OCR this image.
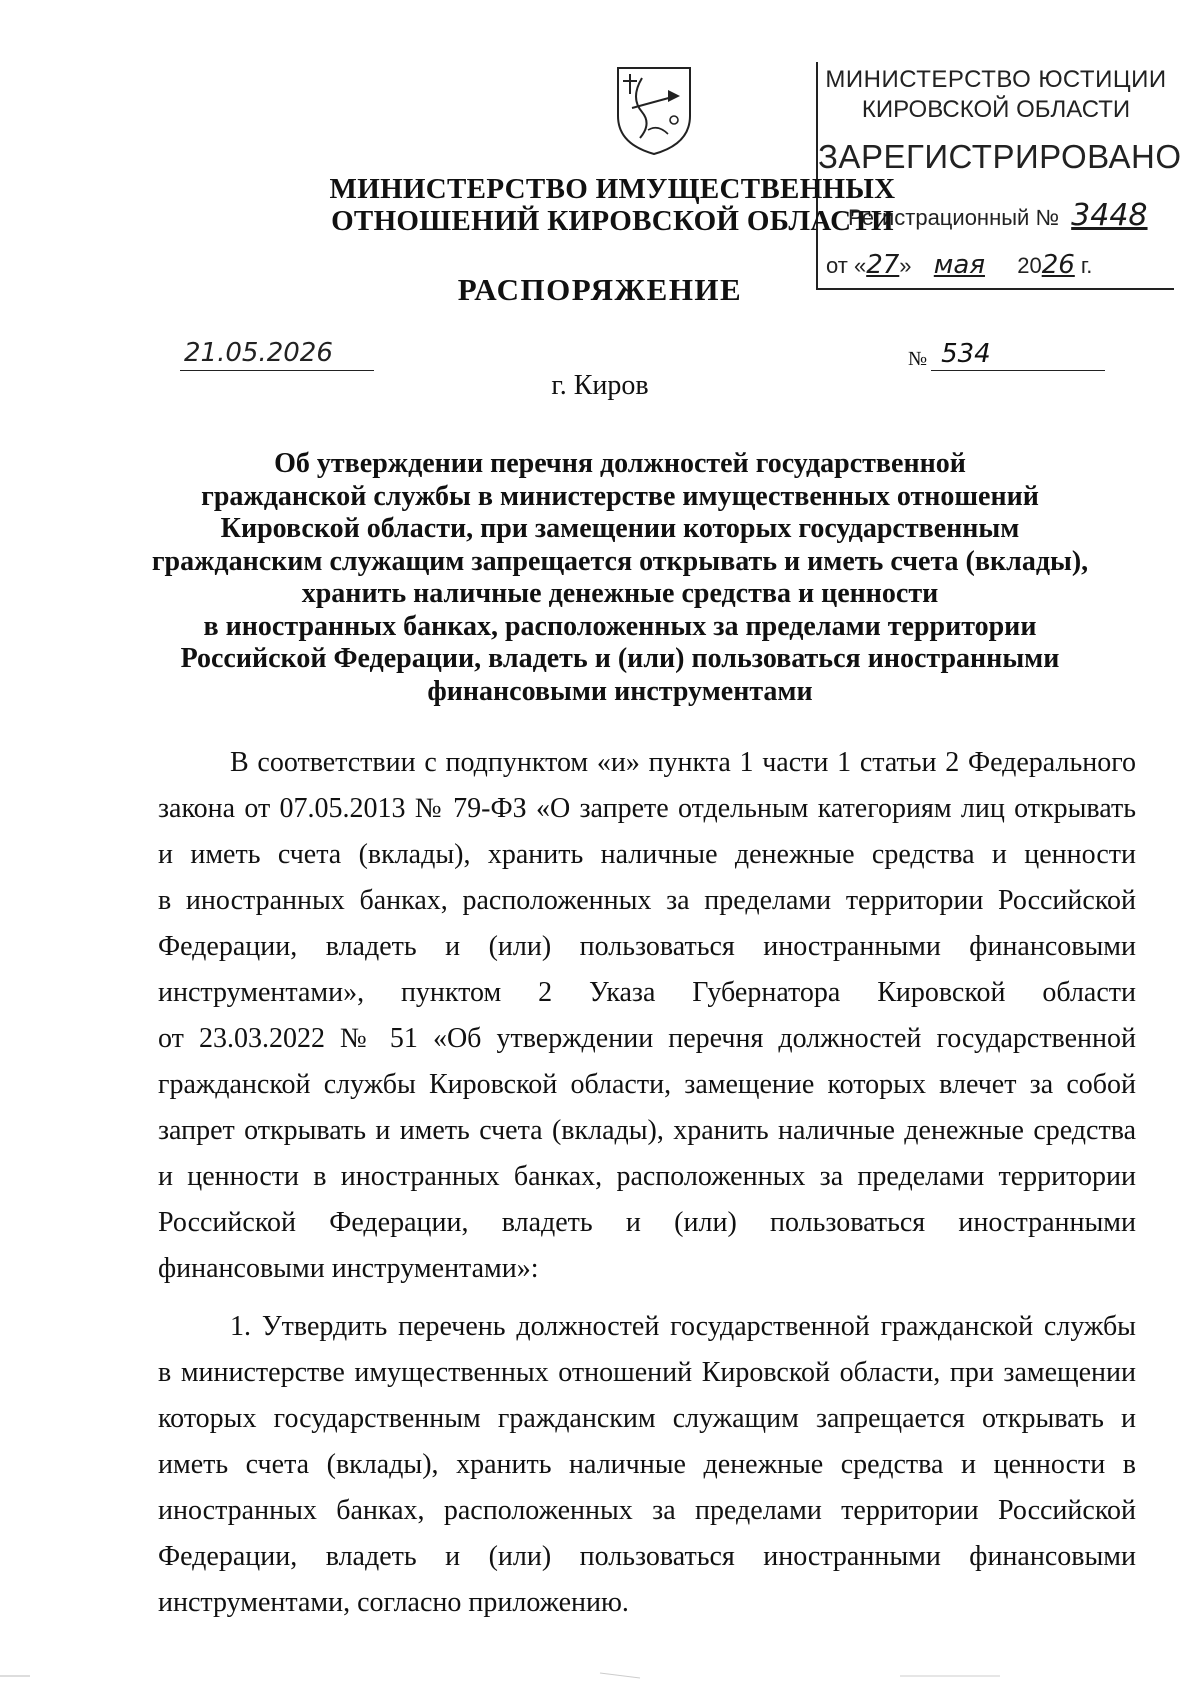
МИНИСТЕРСТВО ЮСТИЦИИ
КИРОВСКОЙ ОБЛАСТИ
ЗАРЕГИСТРИРОВАНО
Регистрационный № 3448
от «27» мая 2026 г.
МИНИСТЕРСТВО ИМУЩЕСТВЕННЫХ
ОТНОШЕНИЙ КИРОВСКОЙ ОБЛАСТИ
РАСПОРЯЖЕНИЕ
21.05.2026	№ 534
г. Киров
Об утверждении перечня должностей государственной
гражданской службы в министерстве имущественных отношений
Кировской области, при замещении которых государственным
гражданским служащим запрещается открывать и иметь счета (вклады),
хранить наличные денежные средства и ценности
в иностранных банках, расположенных за пределами территории
Российской Федерации, владеть и (или) пользоваться иностранными
финансовыми инструментами
В соответствии с подпунктом «и» пункта 1 части 1 статьи 2 Федерального
закона от 07.05.2013 № 79-ФЗ «О запрете отдельным категориям лиц открывать
и иметь счета (вклады), хранить наличные денежные средства и ценности
в иностранных банках, расположенных за пределами территории Российской
Федерации, владеть и (или) пользоваться иностранными финансовыми
инструментами», пунктом 2 Указа Губернатора Кировской области
от 23.03.2022 № 51 «Об утверждении перечня должностей государственной
гражданской службы Кировской области, замещение которых влечет за собой
запрет открывать и иметь счета (вклады), хранить наличные денежные средства
и ценности в иностранных банках, расположенных за пределами территории
Российской Федерации, владеть и (или) пользоваться иностранными
финансовыми инструментами»:
1. Утвердить перечень должностей государственной гражданской службы
в министерстве имущественных отношений Кировской области, при замещении
которых государственным гражданским служащим запрещается открывать и
иметь счета (вклады), хранить наличные денежные средства и ценности в
иностранных банках, расположенных за пределами территории Российской
Федерации, владеть и (или) пользоваться иностранными финансовыми
инструментами, согласно приложению.
